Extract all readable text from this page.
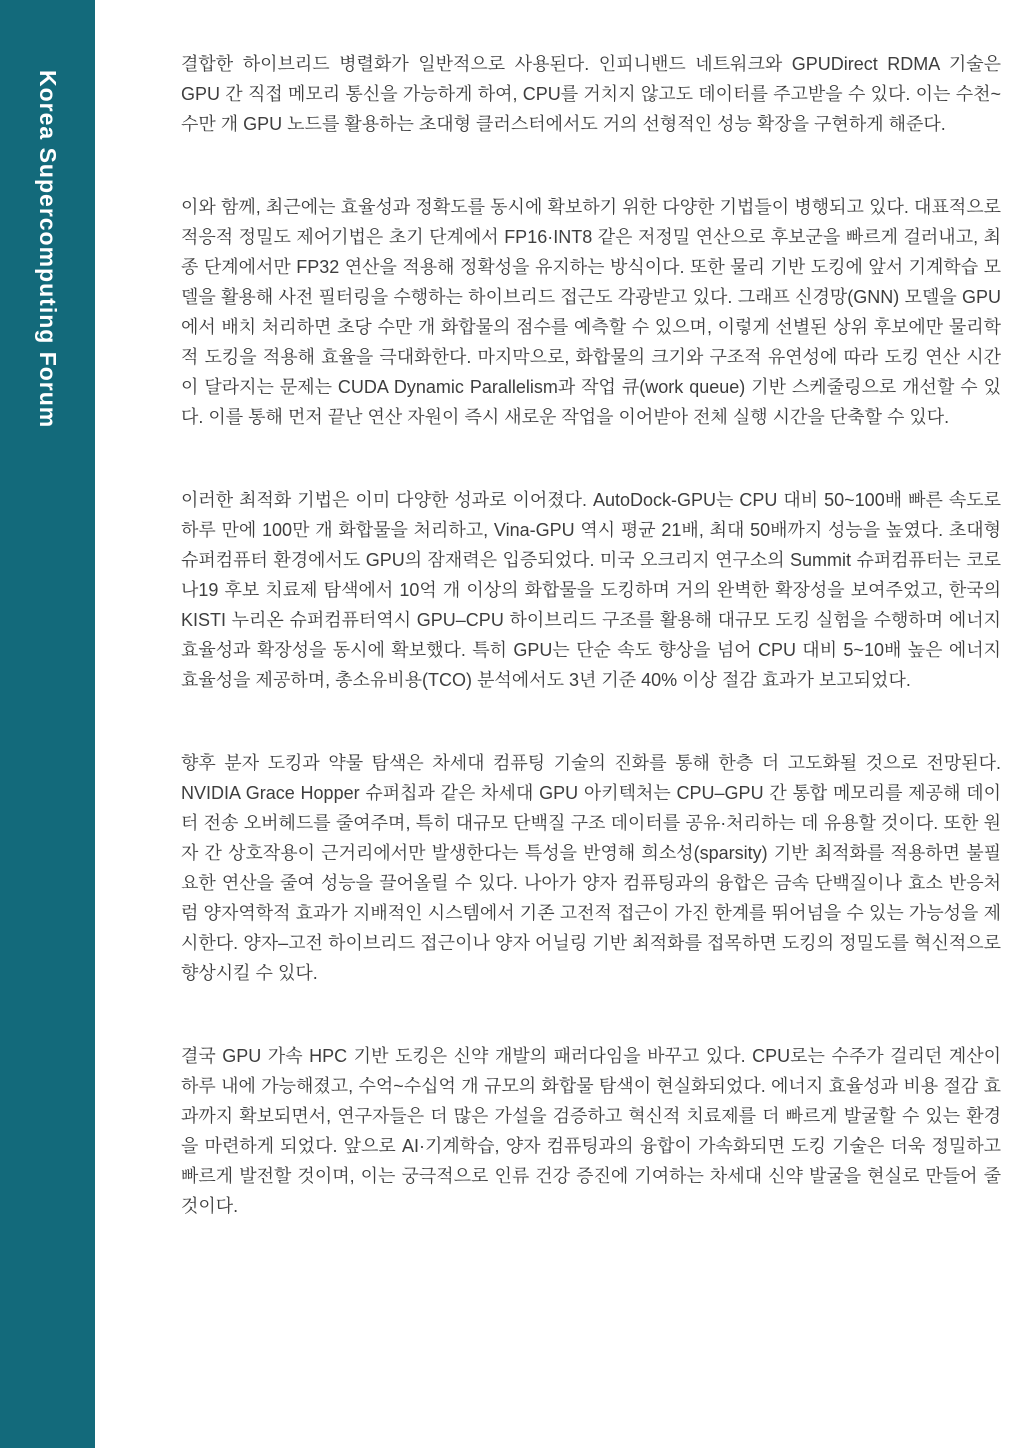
Korea Supercomputing Forum

결합한 하이브리드 병렬화가 일반적으로 사용된다. 인피니밴드 네트워크와 GPUDirect RDMA 기술은 GPU 간 직접 메모리 통신을 가능하게 하여, CPU를 거치지 않고도 데이터를 주고받을 수 있다. 이는 수천~수만 개 GPU 노드를 활용하는 초대형 클러스터에서도 거의 선형적인 성능 확장을 구현하게 해준다.

이와 함께, 최근에는 효율성과 정확도를 동시에 확보하기 위한 다양한 기법들이 병행되고 있다. 대표적으로 적응적 정밀도 제어기법은 초기 단계에서 FP16·INT8 같은 저정밀 연산으로 후보군을 빠르게 걸러내고, 최종 단계에서만 FP32 연산을 적용해 정확성을 유지하는 방식이다. 또한 물리 기반 도킹에 앞서 기계학습 모델을 활용해 사전 필터링을 수행하는 하이브리드 접근도 각광받고 있다. 그래프 신경망(GNN) 모델을 GPU에서 배치 처리하면 초당 수만 개 화합물의 점수를 예측할 수 있으며, 이렇게 선별된 상위 후보에만 물리학적 도킹을 적용해 효율을 극대화한다. 마지막으로, 화합물의 크기와 구조적 유연성에 따라 도킹 연산 시간이 달라지는 문제는 CUDA Dynamic Parallelism과 작업 큐(work queue) 기반 스케줄링으로 개선할 수 있다. 이를 통해 먼저 끝난 연산 자원이 즉시 새로운 작업을 이어받아 전체 실행 시간을 단축할 수 있다.

이러한 최적화 기법은 이미 다양한 성과로 이어졌다. AutoDock-GPU는 CPU 대비 50~100배 빠른 속도로 하루 만에 100만 개 화합물을 처리하고, Vina-GPU 역시 평균 21배, 최대 50배까지 성능을 높였다. 초대형 슈퍼컴퓨터 환경에서도 GPU의 잠재력은 입증되었다. 미국 오크리지 연구소의 Summit 슈퍼컴퓨터는 코로나19 후보 치료제 탐색에서 10억 개 이상의 화합물을 도킹하며 거의 완벽한 확장성을 보여주었고, 한국의 KISTI 누리온 슈퍼컴퓨터역시 GPU–CPU 하이브리드 구조를 활용해 대규모 도킹 실험을 수행하며 에너지 효율성과 확장성을 동시에 확보했다. 특히 GPU는 단순 속도 향상을 넘어 CPU 대비 5~10배 높은 에너지 효율성을 제공하며, 총소유비용(TCO) 분석에서도 3년 기준 40% 이상 절감 효과가 보고되었다.

향후 분자 도킹과 약물 탐색은 차세대 컴퓨팅 기술의 진화를 통해 한층 더 고도화될 것으로 전망된다. NVIDIA Grace Hopper 슈퍼칩과 같은 차세대 GPU 아키텍처는 CPU–GPU 간 통합 메모리를 제공해 데이터 전송 오버헤드를 줄여주며, 특히 대규모 단백질 구조 데이터를 공유·처리하는 데 유용할 것이다. 또한 원자 간 상호작용이 근거리에서만 발생한다는 특성을 반영해 희소성(sparsity) 기반 최적화를 적용하면 불필요한 연산을 줄여 성능을 끌어올릴 수 있다. 나아가 양자 컴퓨팅과의 융합은 금속 단백질이나 효소 반응처럼 양자역학적 효과가 지배적인 시스템에서 기존 고전적 접근이 가진 한계를 뛰어넘을 수 있는 가능성을 제시한다. 양자–고전 하이브리드 접근이나 양자 어닐링 기반 최적화를 접목하면 도킹의 정밀도를 혁신적으로 향상시킬 수 있다.

결국 GPU 가속 HPC 기반 도킹은 신약 개발의 패러다임을 바꾸고 있다. CPU로는 수주가 걸리던 계산이 하루 내에 가능해졌고, 수억~수십억 개 규모의 화합물 탐색이 현실화되었다. 에너지 효율성과 비용 절감 효과까지 확보되면서, 연구자들은 더 많은 가설을 검증하고 혁신적 치료제를 더 빠르게 발굴할 수 있는 환경을 마련하게 되었다. 앞으로 AI·기계학습, 양자 컴퓨팅과의 융합이 가속화되면 도킹 기술은 더욱 정밀하고 빠르게 발전할 것이며, 이는 궁극적으로 인류 건강 증진에 기여하는 차세대 신약 발굴을 현실로 만들어 줄 것이다.
